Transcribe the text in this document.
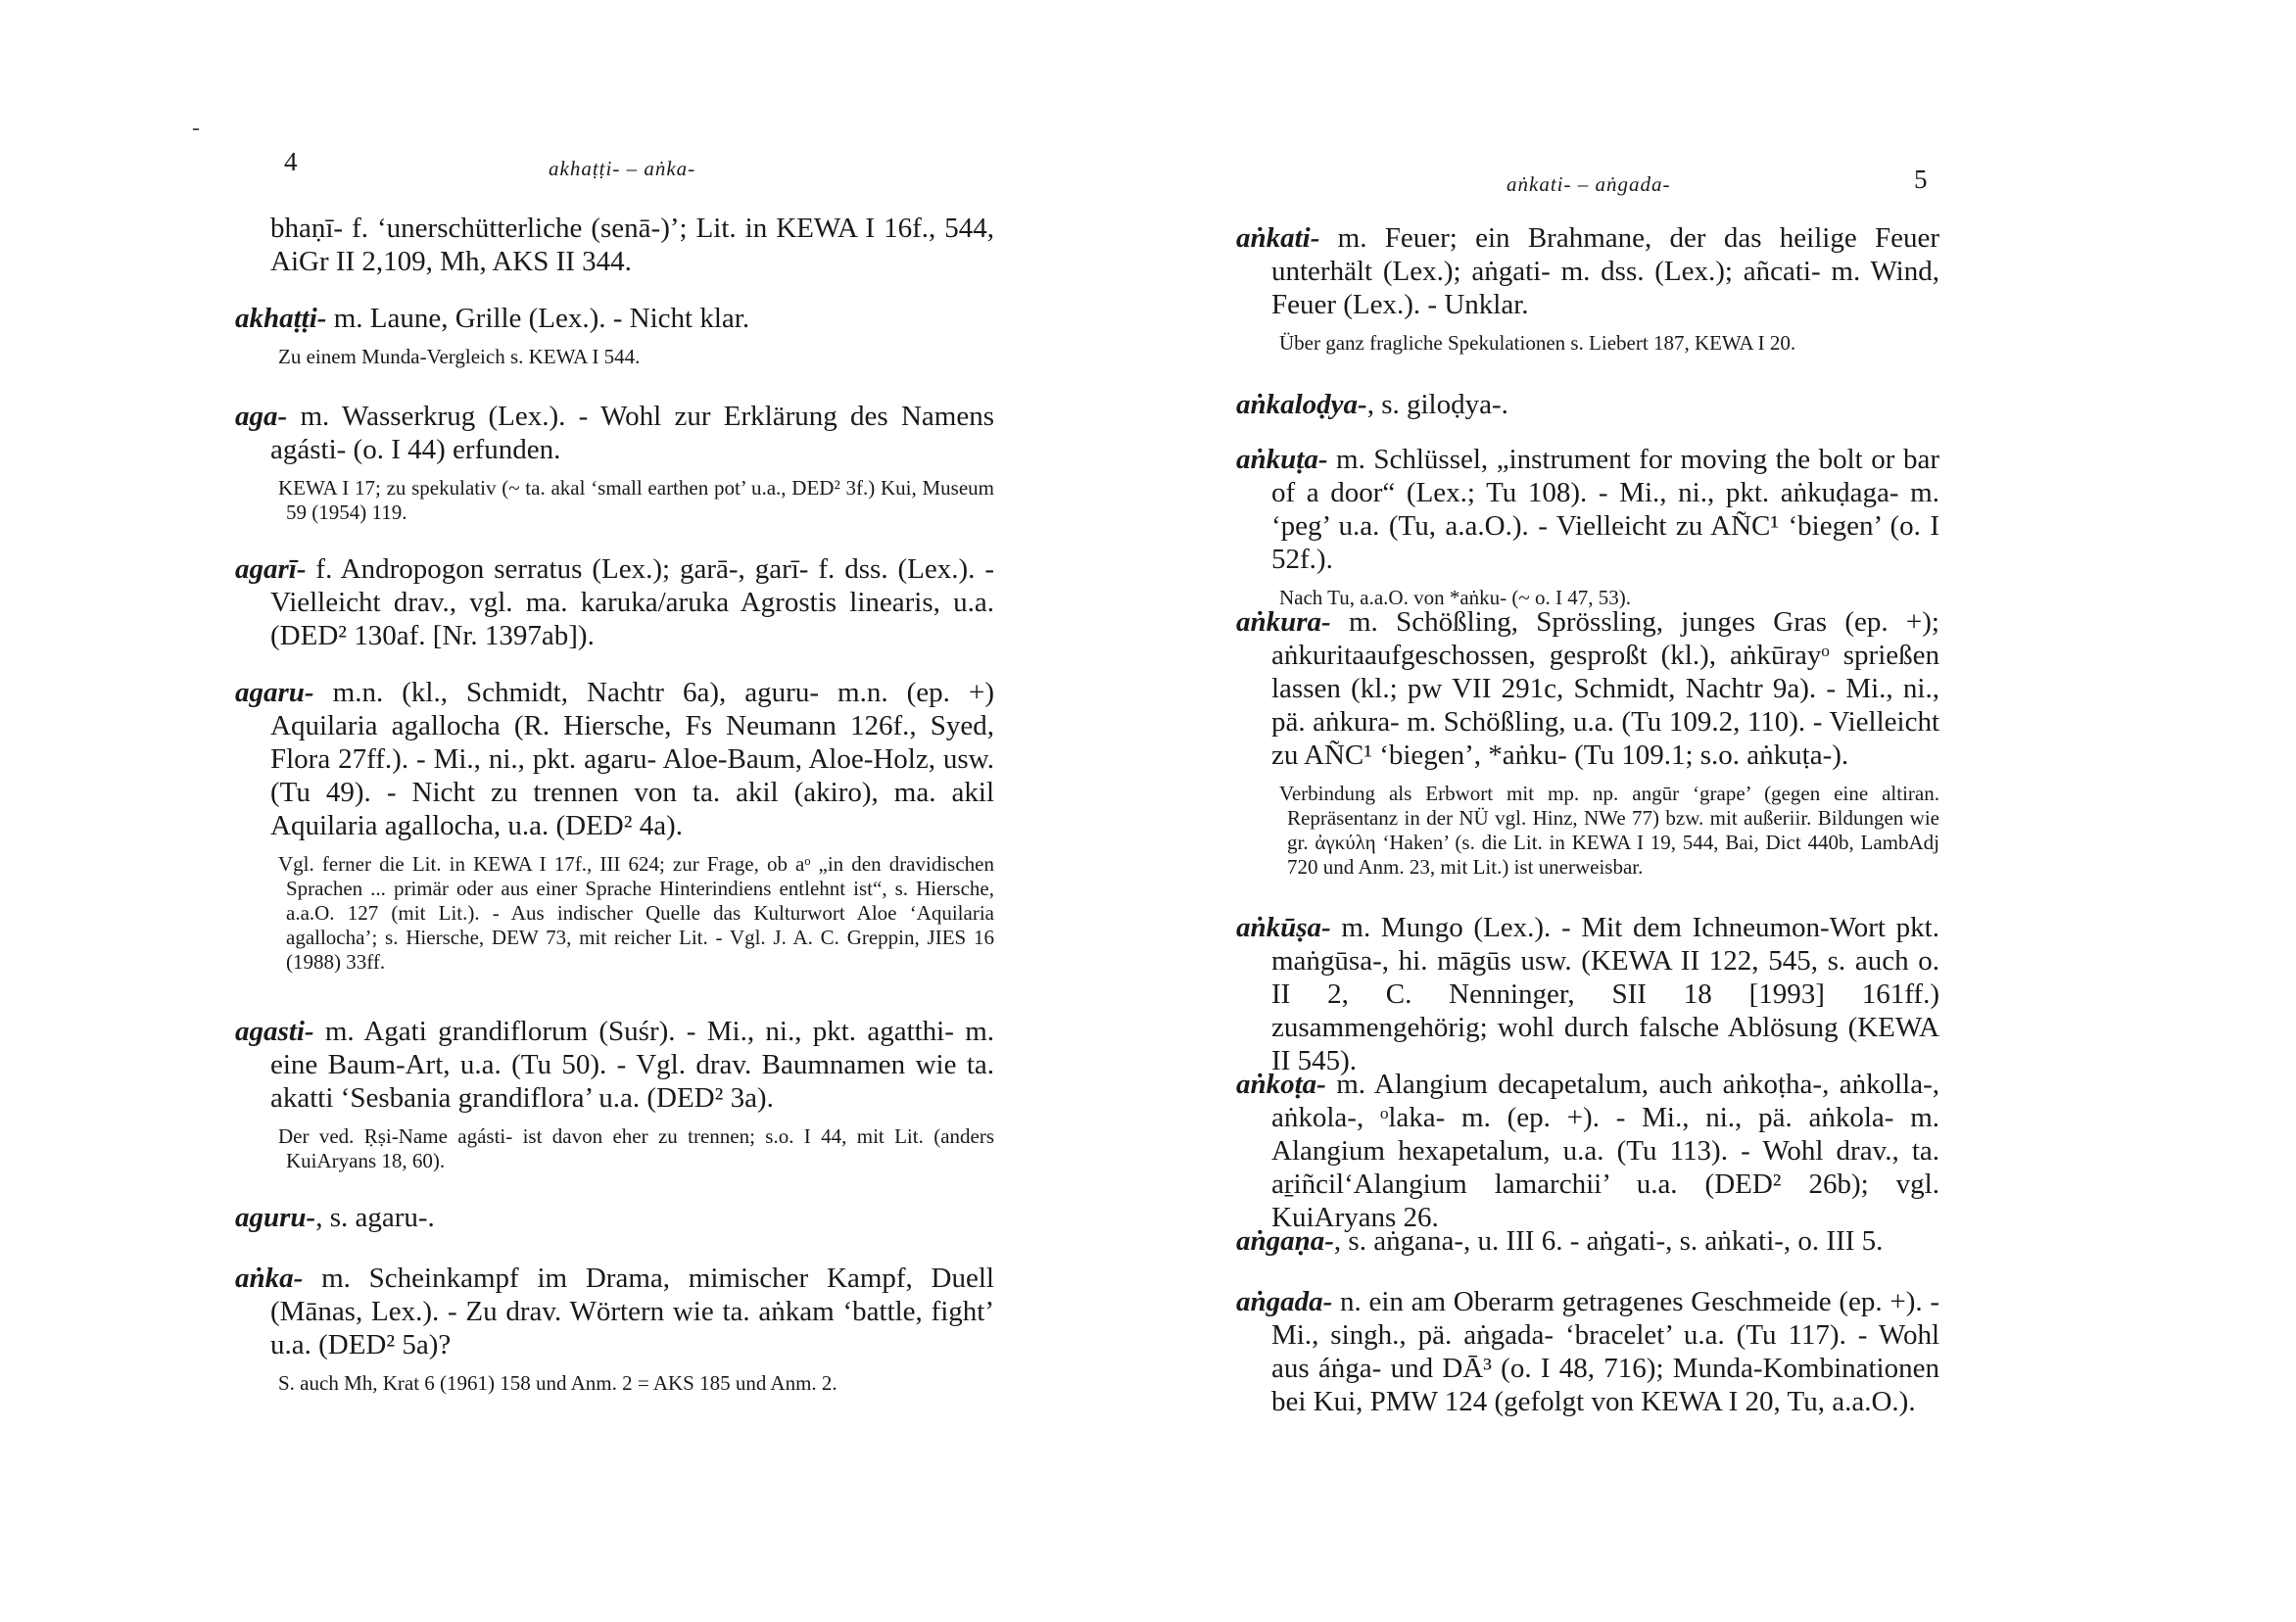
-
4	akhaṭṭi- – aṅka-

bhaṇī- f. ‘unerschütterliche (senā-)’; Lit. in KEWA I 16f., 544, AiGr II 2,109, Mh, AKS II 344.

akhaṭṭi- m. Laune, Grille (Lex.). - Nicht klar.

Zu einem Munda-Vergleich s. KEWA I 544.

aga- m. Wasserkrug (Lex.). - Wohl zur Erklärung des Namens agásti- (o. I 44) erfunden.

KEWA I 17; zu spekulativ (~ ta. akal ‘small earthen pot’ u.a., DED² 3f.) Kui, Museum 59 (1954) 119.

agarī- f. Andropogon serratus (Lex.); garā-, garī- f. dss. (Lex.). - Vielleicht drav., vgl. ma. karuka/aruka Agrostis linearis, u.a. (DED² 130af. [Nr. 1397ab]).

agaru- m.n. (kl., Schmidt, Nachtr 6a), aguru- m.n. (ep. +) Aquilaria agallocha (R. Hiersche, Fs Neumann 126f., Syed, Flora 27ff.). - Mi., ni., pkt. agaru- Aloe-Baum, Aloe-Holz, usw. (Tu 49). - Nicht zu trennen von ta. akil (akiro), ma. akil Aquilaria agallocha, u.a. (DED² 4a).

Vgl. ferner die Lit. in KEWA I 17f., III 624; zur Frage, ob aᵒ „in den dravidischen Sprachen ... primär oder aus einer Sprache Hinterindiens entlehnt ist“, s. Hiersche, a.a.O. 127 (mit Lit.). - Aus indischer Quelle das Kulturwort Aloe ‘Aquilaria agallocha’; s. Hiersche, DEW 73, mit reicher Lit. - Vgl. J. A. C. Greppin, JIES 16 (1988) 33ff.

agasti- m. Agati grandiflorum (Suśr). - Mi., ni., pkt. agatthi- m. eine Baum-Art, u.a. (Tu 50). - Vgl. drav. Baumnamen wie ta. akatti ‘Sesbania grandiflora’ u.a. (DED² 3a).

Der ved. Ṛṣi-Name agásti- ist davon eher zu trennen; s.o. I 44, mit Lit. (anders KuiAryans 18, 60).

aguru-, s. agaru-.

aṅka- m. Scheinkampf im Drama, mimischer Kampf, Duell (Mānas, Lex.). - Zu drav. Wörtern wie ta. aṅkam ‘battle, fight’ u.a. (DED² 5a)?

S. auch Mh, Krat 6 (1961) 158 und Anm. 2 = AKS 185 und Anm. 2.

5
aṅkati- – aṅgada-

aṅkati- m. Feuer; ein Brahmane, der das heilige Feuer unterhält (Lex.); aṅgati- m. dss. (Lex.); añcati- m. Wind, Feuer (Lex.). - Unklar.

Über ganz fragliche Spekulationen s. Liebert 187, KEWA I 20.

aṅkaloḍya-, s. giloḍya-.

aṅkuṭa- m. Schlüssel, „instrument for moving the bolt or bar of a door“ (Lex.; Tu 108). - Mi., ni., pkt. aṅkuḍaga- m. ‘peg’ u.a. (Tu, a.a.O.). - Vielleicht zu AÑC¹ ‘biegen’ (o. I 52f.).

Nach Tu, a.a.O. von *aṅku- (~ o. I 47, 53).

aṅkura- m. Schößling, Sprössling, junges Gras (ep. +); aṅkuritaaufgeschossen, gesproßt (kl.), aṅkūrayᵒ sprießen lassen (kl.; pw VII 291c, Schmidt, Nachtr 9a). - Mi., ni., pä. aṅkura- m. Schößling, u.a. (Tu 109.2, 110). - Vielleicht zu AÑC¹ ‘biegen’, *aṅku- (Tu 109.1; s.o. aṅkuṭa-).

Verbindung als Erbwort mit mp. np. angūr ‘grape’ (gegen eine altiran. Repräsentanz in der NÜ vgl. Hinz, NWe 77) bzw. mit außeriir. Bildungen wie gr. ἀγκύλη ‘Haken’ (s. die Lit. in KEWA I 19, 544, Bai, Dict 440b, LambAdj 720 und Anm. 23, mit Lit.) ist unerweisbar.

aṅkūṣa- m. Mungo (Lex.). - Mit dem Ichneumon-Wort pkt. maṅgūsa-, hi. māgūs usw. (KEWA II 122, 545, s. auch o. II 2, C. Nenninger, SII 18 [1993] 161ff.) zusammengehörig; wohl durch falsche Ablösung (KEWA II 545).

aṅkoṭa- m. Alangium decapetalum, auch aṅkoṭha-, aṅkolla-, aṅkola-, ᵒlaka- m. (ep. +). - Mi., ni., pä. aṅkola- m. Alangium hexapetalum, u.a. (Tu 113). - Wohl drav., ta. aṟiñcil‘Alangium lamarchii’ u.a. (DED² 26b); vgl. KuiAryans 26.

aṅgaṇa-, s. aṅgana-, u. III 6. - aṅgati-, s. aṅkati-, o. III 5.

aṅgada- n. ein am Oberarm getragenes Geschmeide (ep. +). - Mi., singh., pä. aṅgada- ‘bracelet’ u.a. (Tu 117). - Wohl aus áṅga- und DĀ³ (o. I 48, 716); Munda-Kombinationen bei Kui, PMW 124 (gefolgt von KEWA I 20, Tu, a.a.O.).
